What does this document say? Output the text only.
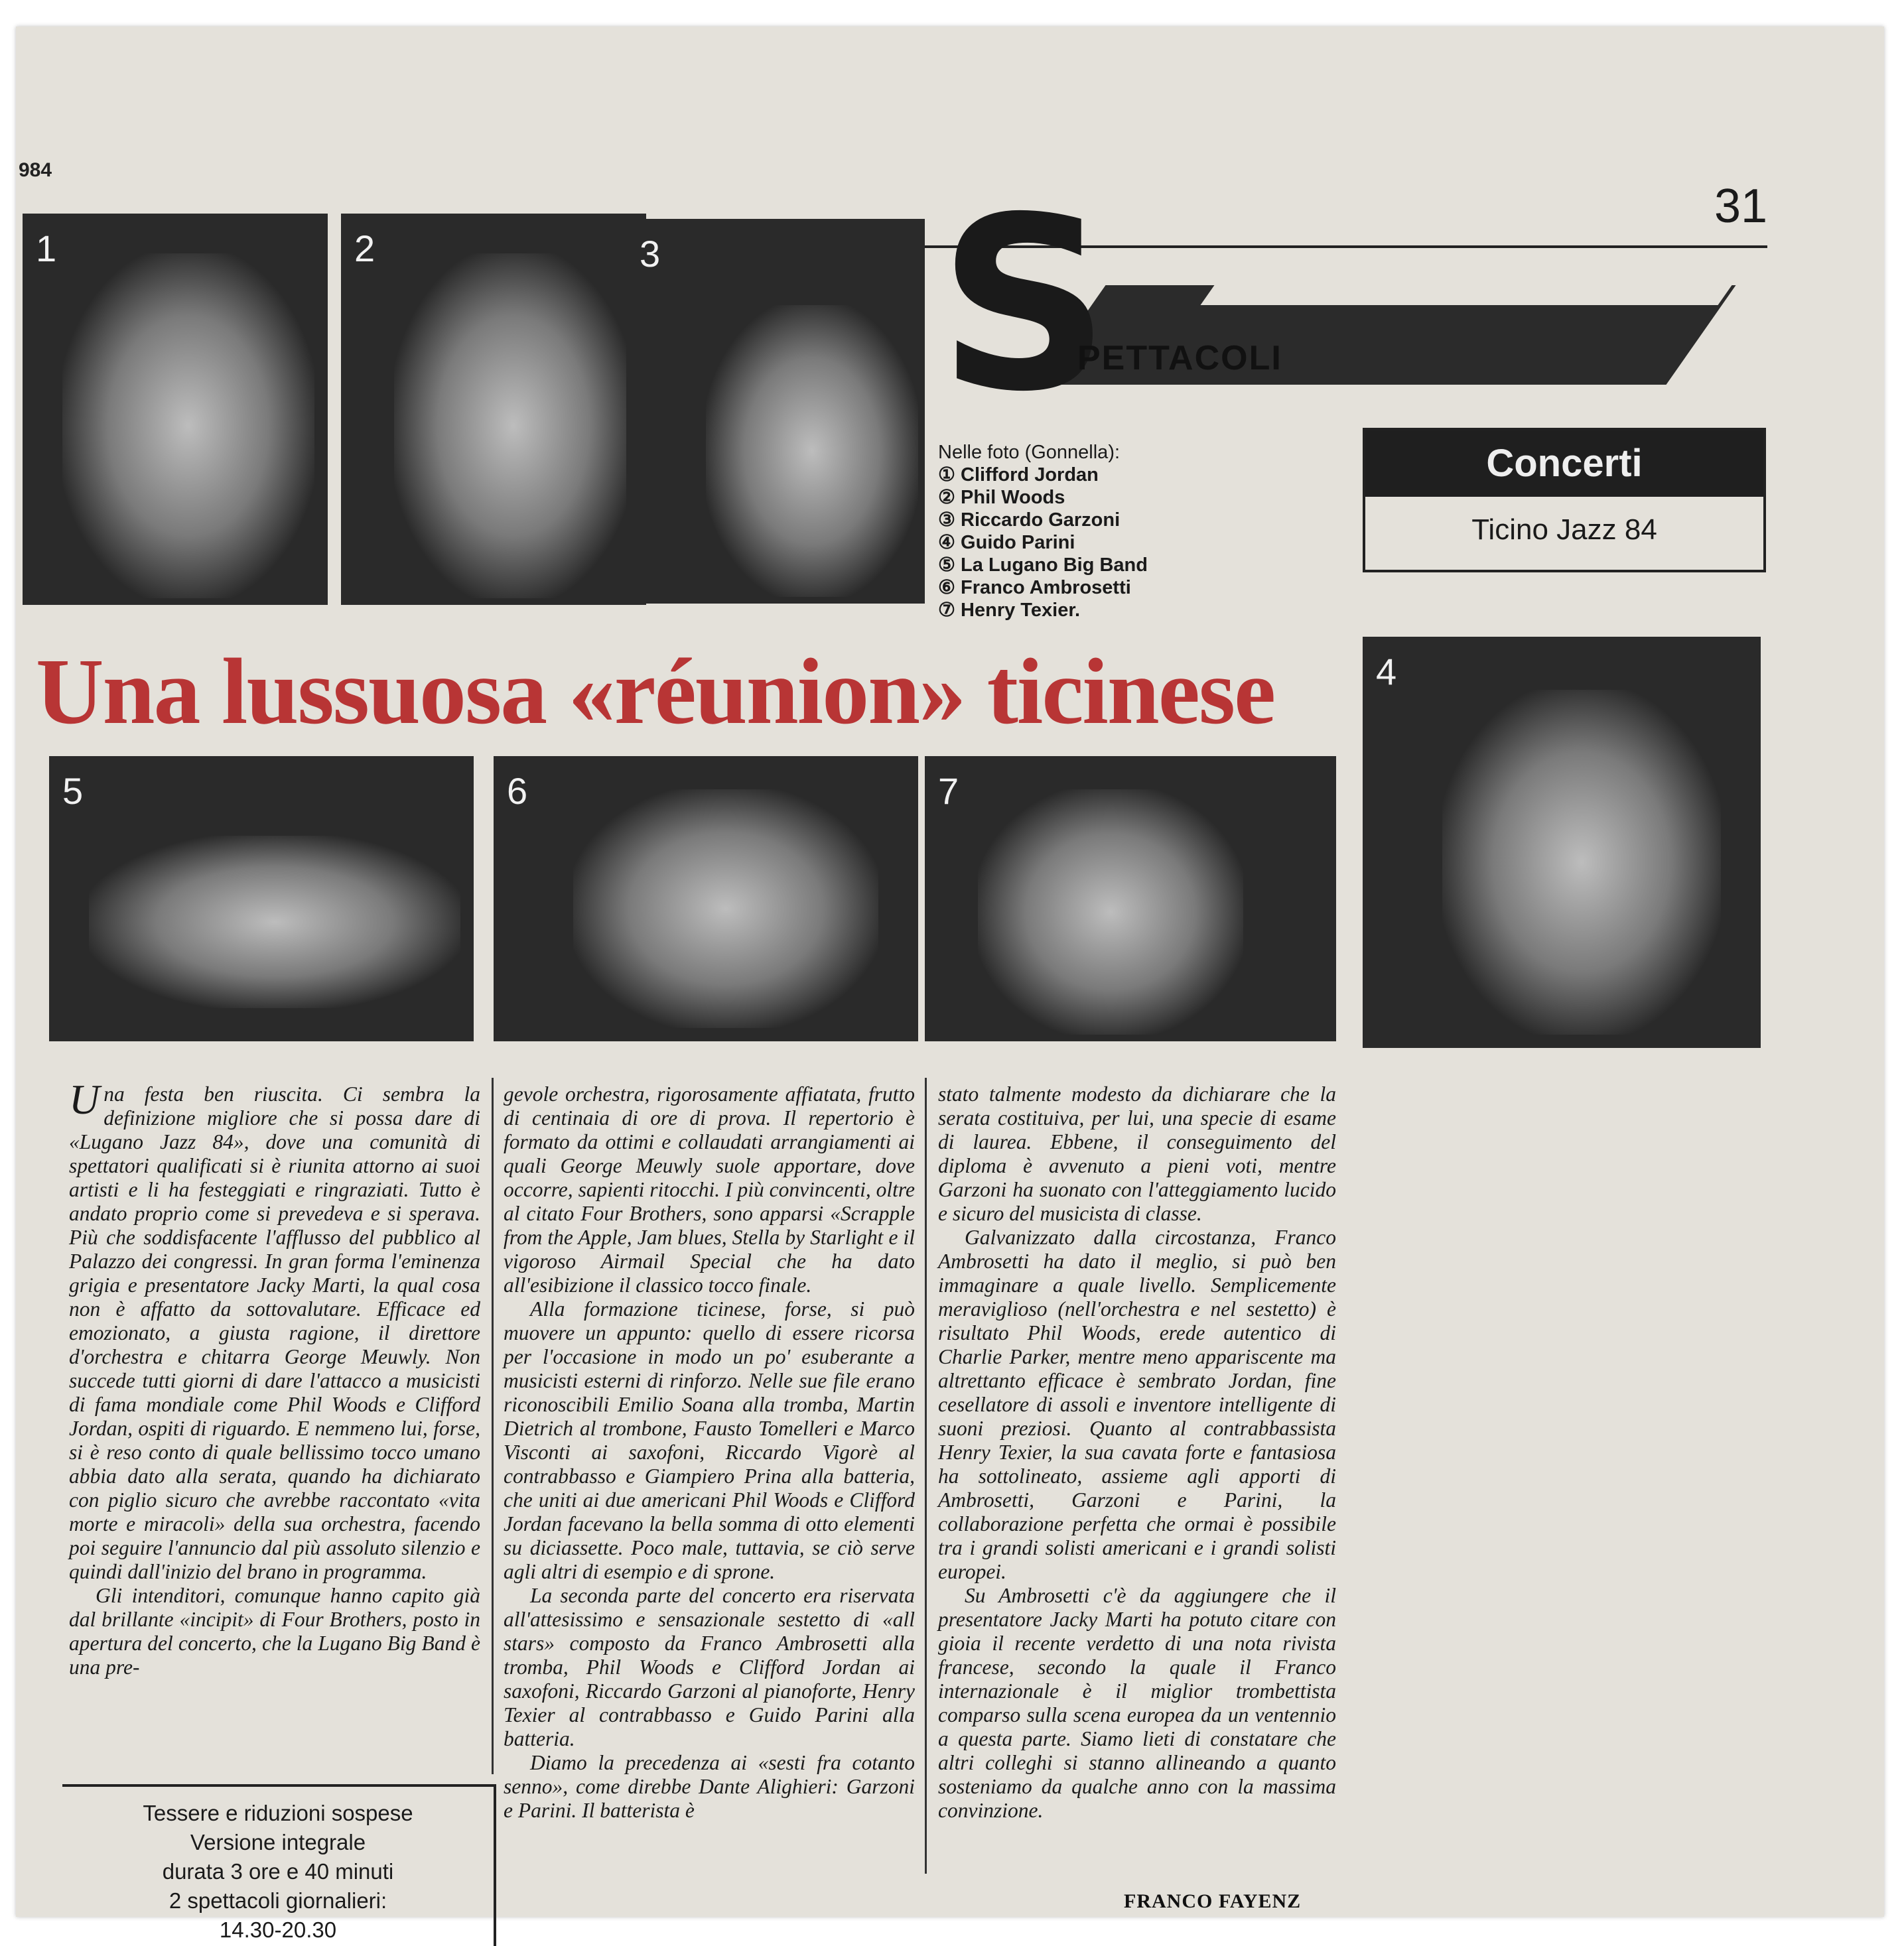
984
31
S
PETTACOLI
Concerti
Ticino Jazz 84
1	2	3
Nelle foto (Gonnella):
① Clifford Jordan
② Phil Woods
③ Riccardo Garzoni
④ Guido Parini
⑤ La Lugano Big Band
⑥ Franco Ambrosetti
⑦ Henry Texier.
4
Una lussuosa «réunion» ticinese
5	6	7

Una festa ben riuscita. Ci sembra la definizione migliore che si possa dare di «Lugano Jazz 84», dove una comunità di spettatori qualificati si è riunita attorno ai suoi artisti e li ha festeggiati e ringraziati. Tutto è andato proprio come si prevedeva e si sperava. Più che soddisfacente l'afflusso del pubblico al Palazzo dei congressi. In gran forma l'eminenza grigia e presentatore Jacky Marti, la qual cosa non è affatto da sottovalutare. Efficace ed emozionato, a giusta ragione, il direttore d'orchestra e chitarra George Meuwly. Non succede tutti giorni di dare l'attacco a musicisti di fama mondiale come Phil Woods e Clifford Jordan, ospiti di riguardo. E nemmeno lui, forse, si è reso conto di quale bellissimo tocco umano abbia dato alla serata, quando ha dichiarato con piglio sicuro che avrebbe raccontato «vita morte e miracoli» della sua orchestra, facendo poi seguire l'annuncio dal più assoluto silenzio e quindi dall'inizio del brano in programma.

Gli intenditori, comunque hanno capito già dal brillante «incipit» di Four Brothers, posto in apertura del concerto, che la Lugano Big Band è una pre-

gevole orchestra, rigorosamente affiatata, frutto di centinaia di ore di prova. Il repertorio è formato da ottimi e collaudati arrangiamenti ai quali George Meuwly suole apportare, dove occorre, sapienti ritocchi. I più convincenti, oltre al citato Four Brothers, sono apparsi «Scrapple from the Apple, Jam blues, Stella by Starlight e il vigoroso Airmail Special che ha dato all'esibizione il classico tocco finale.

Alla formazione ticinese, forse, si può muovere un appunto: quello di essere ricorsa per l'occasione in modo un po' esuberante a musicisti esterni di rinforzo. Nelle sue file erano riconoscibili Emilio Soana alla tromba, Martin Dietrich al trombone, Fausto Tomelleri e Marco Visconti ai saxofoni, Riccardo Vigorè al contrabbasso e Giampiero Prina alla batteria, che uniti ai due americani Phil Woods e Clifford Jordan facevano la bella somma di otto elementi su diciassette. Poco male, tuttavia, se ciò serve agli altri di esempio e di sprone.

La seconda parte del concerto era riservata all'attesissimo e sensazionale sestetto di «all stars» composto da Franco Ambrosetti alla tromba, Phil Woods e Clifford Jordan ai saxofoni, Riccardo Garzoni al pianoforte, Henry Texier al contrabbasso e Guido Parini alla batteria.

Diamo la precedenza ai «sesti fra cotanto senno», come direbbe Dante Alighieri: Garzoni e Parini. Il batterista è

stato talmente modesto da dichiarare che la serata costituiva, per lui, una specie di esame di laurea. Ebbene, il conseguimento del diploma è avvenuto a pieni voti, mentre Garzoni ha suonato con l'atteggiamento lucido e sicuro del musicista di classe.

Galvanizzato dalla circostanza, Franco Ambrosetti ha dato il meglio, si può ben immaginare a quale livello. Semplicemente meraviglioso (nell'orchestra e nel sestetto) è risultato Phil Woods, erede autentico di Charlie Parker, mentre meno appariscente ma altrettanto efficace è sembrato Jordan, fine cesellatore di assoli e inventore intelligente di suoni preziosi. Quanto al contrabbassista Henry Texier, la sua cavata forte e fantasiosa ha sottolineato, assieme agli apporti di Ambrosetti, Garzoni e Parini, la collaborazione perfetta che ormai è possibile tra i grandi solisti americani e i grandi solisti europei.

Su Ambrosetti c'è da aggiungere che il presentatore Jacky Marti ha potuto citare con gioia il recente verdetto di una nota rivista francese, secondo la quale il Franco internazionale è il miglior trombettista comparso sulla scena europea da un ventennio a questa parte. Siamo lieti di constatare che altri colleghi si stanno allineando a quanto sosteniamo da qualche anno con la massima convinzione.

FRANCO FAYENZ
Tessere e riduzioni sospese
Versione integrale
durata 3 ore e 40 minuti
2 spettacoli giornalieri:
14.30-20.30
